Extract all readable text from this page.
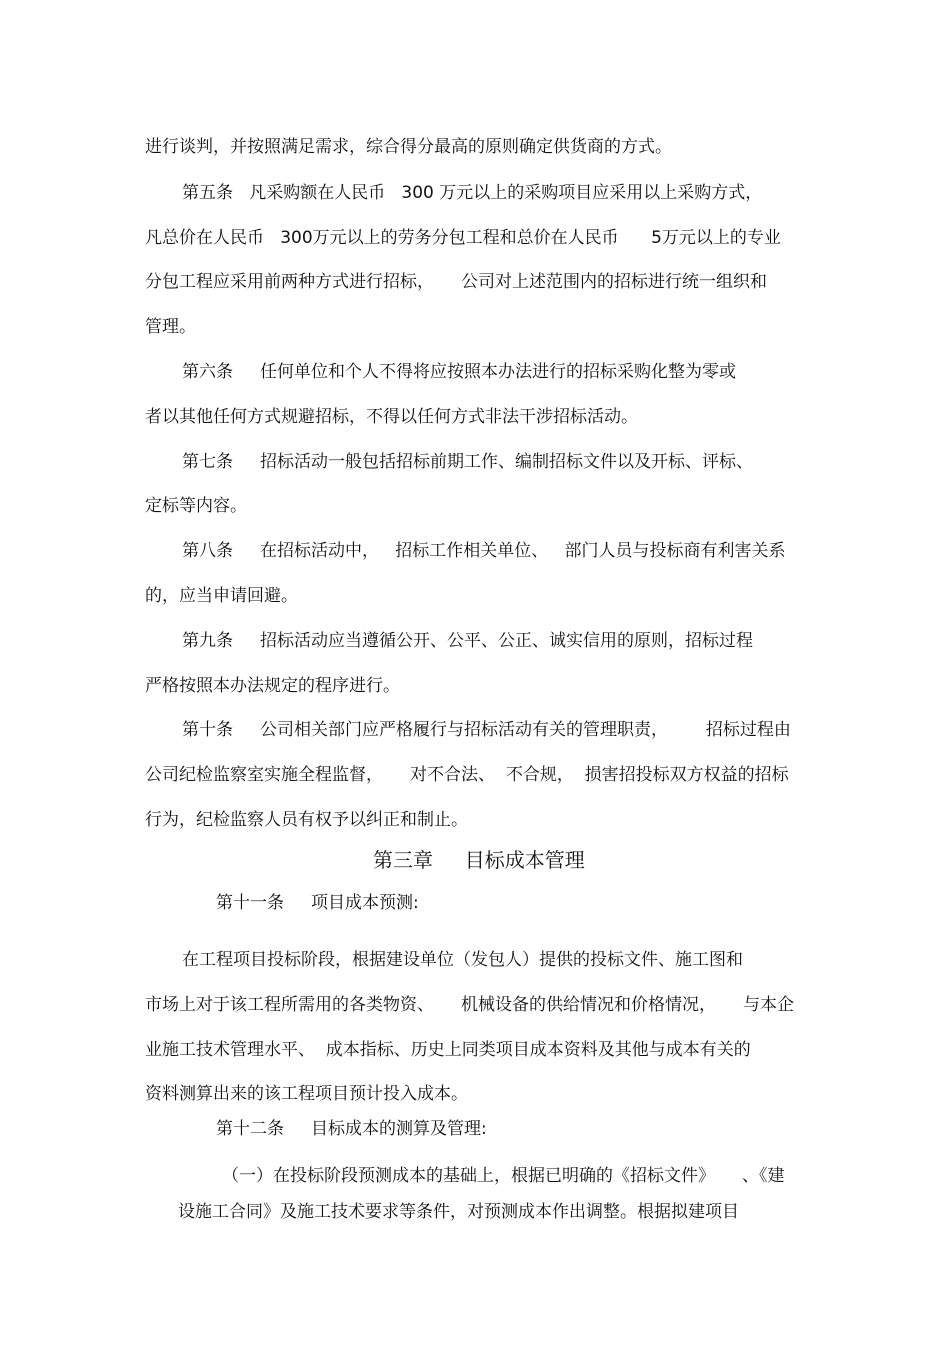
进行谈判，并按照满足需求，综合得分最高的原则确定供货商的方式。

第五条   凡采购额在人民币   300 万元以上的采购项目应采用以上采购方式，

凡总价在人民币   300万元以上的劳务分包工程和总价在人民币      5万元以上的专业

分包工程应采用前两种方式进行招标，     公司对上述范围内的招标进行统一组织和

管理。

第六条     任何单位和个人不得将应按照本办法进行的招标采购化整为零或

者以其他任何方式规避招标，不得以任何方式非法干涉招标活动。

第七条     招标活动一般包括招标前期工作、编制招标文件以及开标、评标、

定标等内容。

第八条     在招标活动中，   招标工作相关单位、   部门人员与投标商有利害关系

的，应当申请回避。

第九条     招标活动应当遵循公开、公平、公正、诚实信用的原则，招标过程

严格按照本办法规定的程序进行。

第十条     公司相关部门应严格履行与招标活动有关的管理职责，       招标过程由

公司纪检监察室实施全程监督，     对不合法、  不合规，  损害招投标双方权益的招标

行为，纪检监察人员有权予以纠正和制止。

第三章     目标成本管理

第十一条     项目成本预测:

在工程项目投标阶段，根据建设单位（发包人）提供的投标文件、施工图和

市场上对于该工程所需用的各类物资、     机械设备的供给情况和价格情况，     与本企

业施工技术管理水平、  成本指标、历史上同类项目成本资料及其他与成本有关的

资料测算出来的该工程项目预计投入成本。

第十二条     目标成本的测算及管理:

（一）在投标阶段预测成本的基础上，根据已明确的《招标文件》     、《建

设施工合同》及施工技术要求等条件，对预测成本作出调整。根据拟建项目
